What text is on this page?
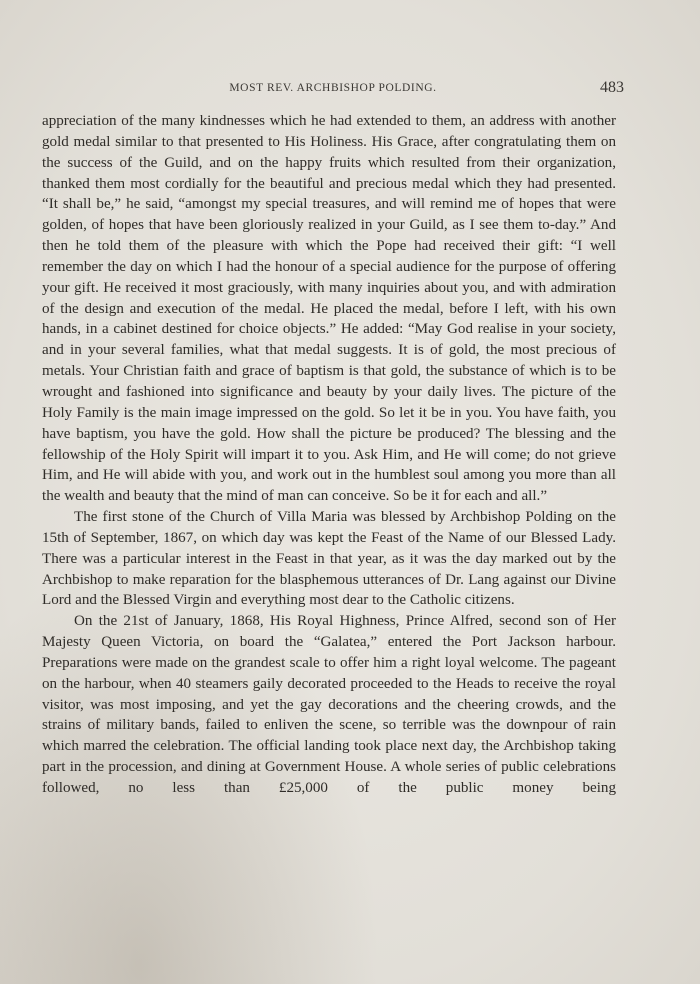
MOST REV. ARCHBISHOP POLDING.	483

appreciation of the many kindnesses which he had extended to them, an address with another gold medal similar to that presented to His Holiness. His Grace, after congratulating them on the success of the Guild, and on the happy fruits which resulted from their organization, thanked them most cordially for the beautiful and precious medal which they had presented. “It shall be,” he said, “amongst my special treasures, and will remind me of hopes that were golden, of hopes that have been gloriously realized in your Guild, as I see them to-day.” And then he told them of the pleasure with which the Pope had received their gift: “I well remember the day on which I had the honour of a special audience for the purpose of offering your gift. He received it most graciously, with many inquiries about you, and with admiration of the design and execution of the medal. He placed the medal, before I left, with his own hands, in a cabinet destined for choice objects.” He added: “May God realise in your society, and in your several families, what that medal suggests. It is of gold, the most precious of metals. Your Christian faith and grace of baptism is that gold, the substance of which is to be wrought and fashioned into significance and beauty by your daily lives. The picture of the Holy Family is the main image impressed on the gold. So let it be in you. You have faith, you have baptism, you have the gold. How shall the picture be produced? The blessing and the fellowship of the Holy Spirit will impart it to you. Ask Him, and He will come; do not grieve Him, and He will abide with you, and work out in the humblest soul among you more than all the wealth and beauty that the mind of man can conceive. So be it for each and all.”

The first stone of the Church of Villa Maria was blessed by Archbishop Polding on the 15th of September, 1867, on which day was kept the Feast of the Name of our Blessed Lady. There was a particular interest in the Feast in that year, as it was the day marked out by the Archbishop to make reparation for the blasphemous utterances of Dr. Lang against our Divine Lord and the Blessed Virgin and everything most dear to the Catholic citizens.

On the 21st of January, 1868, His Royal Highness, Prince Alfred, second son of Her Majesty Queen Victoria, on board the “Galatea,” entered the Port Jackson harbour. Preparations were made on the grandest scale to offer him a right loyal welcome. The pageant on the harbour, when 40 steamers gaily decorated proceeded to the Heads to receive the royal visitor, was most imposing, and yet the gay decorations and the cheering crowds, and the strains of military bands, failed to enliven the scene, so terrible was the downpour of rain which marred the celebration. The official landing took place next day, the Archbishop taking part in the procession, and dining at Government House. A whole series of public celebrations followed, no less than £25,000 of the public money being
